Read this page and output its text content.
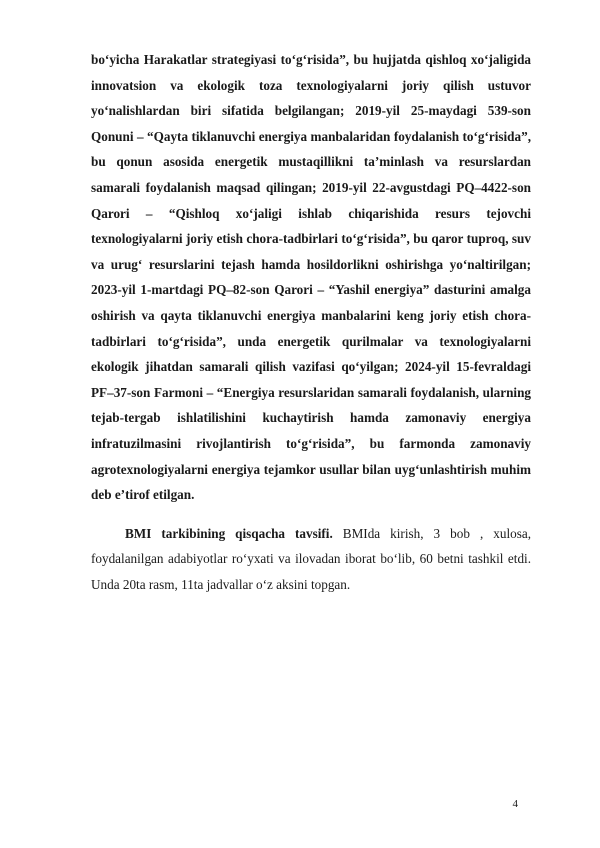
bo‘yicha Harakatlar strategiyasi to‘g‘risida”, bu hujjatda qishloq xo‘jaligida innovatsion va ekologik toza texnologiyalarni joriy qilish ustuvor yo‘nalishlardan biri sifatida belgilangan; 2019-yil 25-maydagi 539-son Qonuni – “Qayta tiklanuvchi energiya manbalaridan foydalanish to‘g‘risida”, bu qonun asosida energetik mustaqillikni ta’minlash va resurslardan samarali foydalanish maqsad qilingan; 2019-yil 22-avgustdagi PQ–4422-son Qarori – “Qishloq xo‘jaligi ishlab chiqarishida resurs tejovchi texnologiyalarni joriy etish chora-tadbirlari to‘g‘risida”, bu qaror tuproq, suv va urug‘ resurslarini tejash hamda hosildorlikni oshirishga yo‘naltirilgan; 2023-yil 1-martdagi PQ–82-son Qarori – “Yashil energiya” dasturini amalga oshirish va qayta tiklanuvchi energiya manbalarini keng joriy etish chora-tadbirlari to‘g‘risida”, unda energetik qurilmalar va texnologiyalarni ekologik jihatdan samarali qilish vazifasi qo‘yilgan; 2024-yil 15-fevraldagi PF–37-son Farmoni – “Energiya resurslaridan samarali foydalanish, ularning tejab-tergab ishlatilishini kuchaytirish hamda zamonaviy energiya infratuzilmasini rivojlantirish to‘g‘risida”, bu farmonda zamonaviy agrotexnologiyalarni energiya tejamkor usullar bilan uyg‘unlashtirish muhim deb e’tirof etilgan.

BMI tarkibining qisqacha tavsifi. BMIda kirish, 3 bob , xulosa, foydalanilgan adabiyotlar ro‘yxati va ilovadan iborat bo‘lib, 60 betni tashkil etdi. Unda 20ta rasm, 11ta jadvallar o‘z aksini topgan.

4
